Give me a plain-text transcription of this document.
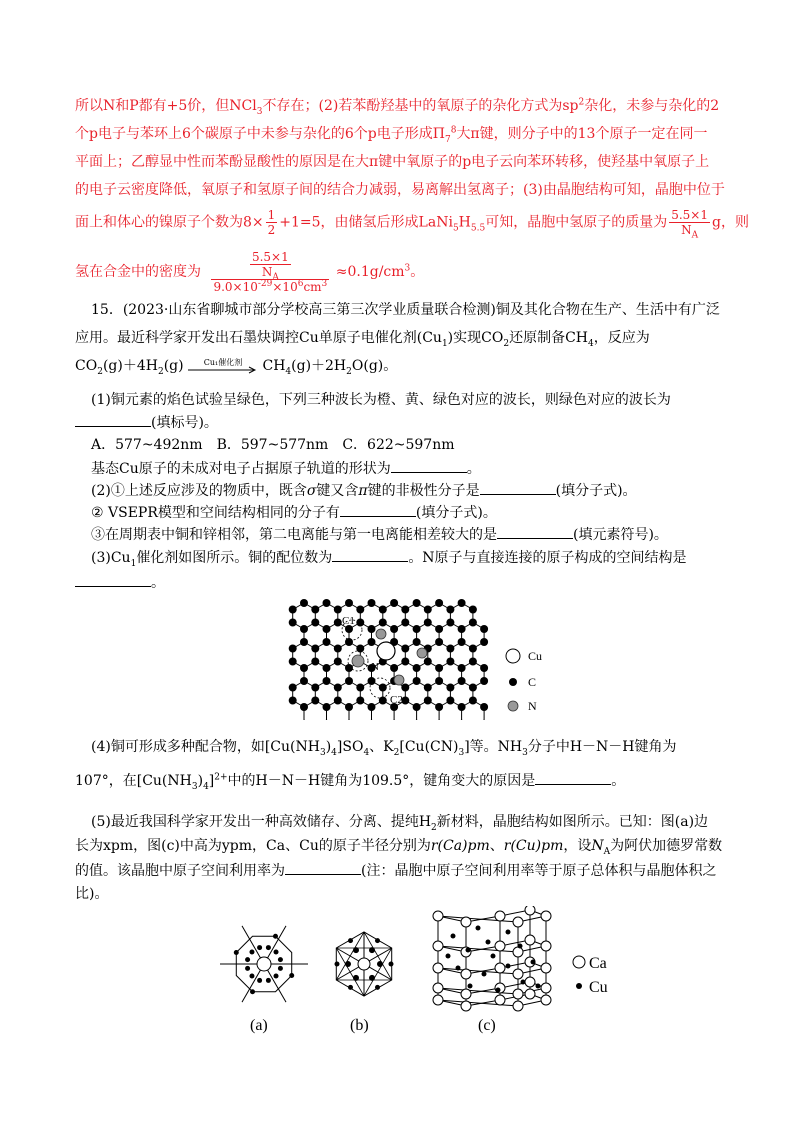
所以N和P都有+5价，但NCl$_3$不存在；(2)若苯酚羟基中的氧原子的杂化方式为$sp^2$杂化，未参与杂化的2
个p电子与苯环上6个碳原子中未参与杂化的6个p电子形成$\Pi_7^8$大π键，则分子中的13个原子一定在同一
平面上；乙醇显中性而苯酚显酸性的原因是在大π键中氧原子的p电子云向苯环转移，使羟基中氧原子上
的电子云密度降低，氧原子和氢原子间的结合力减弱，易离解出氢离子；(3)由晶胞结构可知，晶胞中位于
面上和体心的镍原子个数为$8\times \frac{1}{2} +1=5$，由储氢后形成$LaNi_5H_{5.5}$可知，晶胞中氢原子的质量为 $\frac{5.5\times 1}{N_A}$ g，则
氢在合金中的密度为 $\frac{\frac{5.5\times 1}{N_A}}{9.0\times 10^{-29}\times 10^6cm^3} \approx 0.1g/cm^3$。
15．(2023·山东省聊城市部分学校高三第三次学业质量联合检测)铜及其化合物在生产、生活中有广泛
应用。最近科学家开发出石墨炔调控Cu单原子电催化剂$(Cu_1)$实现$CO_2$还原制备$CH_4$，反应为
$CO_2(g)+4H_2(g)$	Cu₁催化剂	$CH_4(g)+2H_2O(g)$。
(1)铜元素的焰色试验呈绿色，下列三种波长为橙、黄、绿色对应的波长，则绿色对应的波长为
(填标号)。
A．577~492nm　B．597~577nm　C．622~597nm
基态Cu原子的未成对电子占据原子轨道的形状为	。
(2)①上述反应涉及的物质中，既含σ键又含π键的非极性分子是	(填分子式)。
② VSEPR模型和空间结构相同的分子有	(填分子式)。
③在周期表中铜和锌相邻，第二电离能与第一电离能相差较大的是	(填元素符号)。
$(3)Cu_1$催化剂如图所示。铜的配位数为	。N原子与直接连接的原子构成的空间结构是
。
C1
N
C2
Cu
C
N
(4)铜可形成多种配合物，如$[Cu(NH_3)_4]SO_4$、$K_2[Cu(CN)_3]$等。$NH_3$分子中H－N－H键角为
107°，在$[Cu(NH_3)_4]^{2+}$中的H－N－H键角为109.5°，键角变大的原因是	。
(5)最近我国科学家开发出一种高效储存、分离、提纯$H_2$新材料，晶胞结构如图所示。已知：图(a)边
长为xpm，图(c)中高为ypm，Ca、Cu的原子半径分别为r(Ca)pm、r(Cu)pm，设$N_A$为阿伏加德罗常数
的值。该晶胞中原子空间利用率为	(注：晶胞中原子空间利用率等于原子总体积与晶胞体积之
比)。
(a)	(b)	(c)
Ca
Cu
